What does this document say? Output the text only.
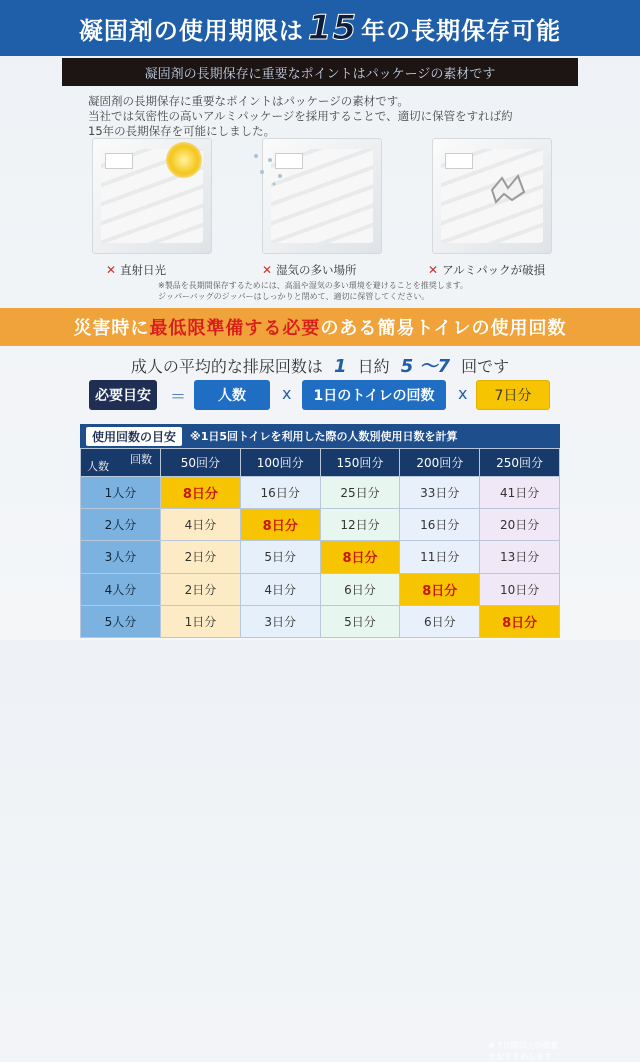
凝固剤の使用期限は 15 年の長期保存可能
凝固剤の長期保存に重要なポイントはパッケージの素材です
凝固剤の長期保存に重要なポイントはパッケージの素材です。
当社では気密性の高いアルミパッケージを採用することで、適切に保管をすれば約
15年の長期保存を可能にしました。
✕ 直射日光	✕ 湿気の多い場所	✕ アルミパックが破損
※製品を長期間保存するためには、高温や湿気の多い環境を避けることを推奨します。
ジッパーバッグのジッパーはしっかりと閉めて、適切に保管してください。
災害時に 最低限準備する必要 のある簡易トイレの使用回数
成人の平均的な排尿回数は 1 日約 5 〜7 回です
必要目安	＝	人数	x	1日のトイレの回数	x	7日分
使用回数の目安	※1日5回トイレを利用した際の人数別使用日数を計算
回数
人数	50回分	100回分	150回分	200回分	250回分
1人分	8日分	16日分	25日分	33日分	41日分
2人分	4日分	8日分	12日分	16日分	20日分
3人分	2日分	5日分	8日分	11日分	13日分
4人分	2日分	4日分	6日分	8日分	10日分
5人分	1日分	3日分	5日分	6日分	8日分
※ 7日間以上の備蓄をおすすめします
